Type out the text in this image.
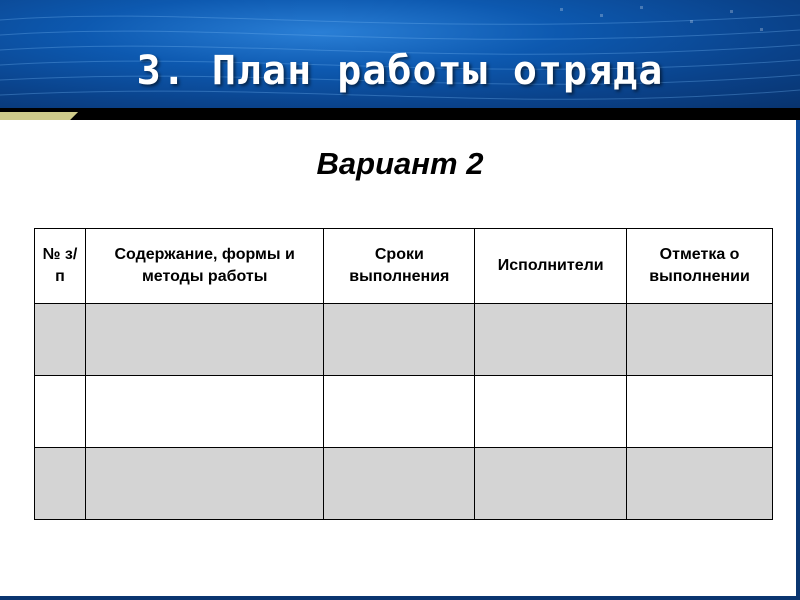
3. План работы отряда
Вариант 2
№ з/п	Содержание, формы и методы работы	Сроки выполнения	Исполнители	Отметка о выполнении
